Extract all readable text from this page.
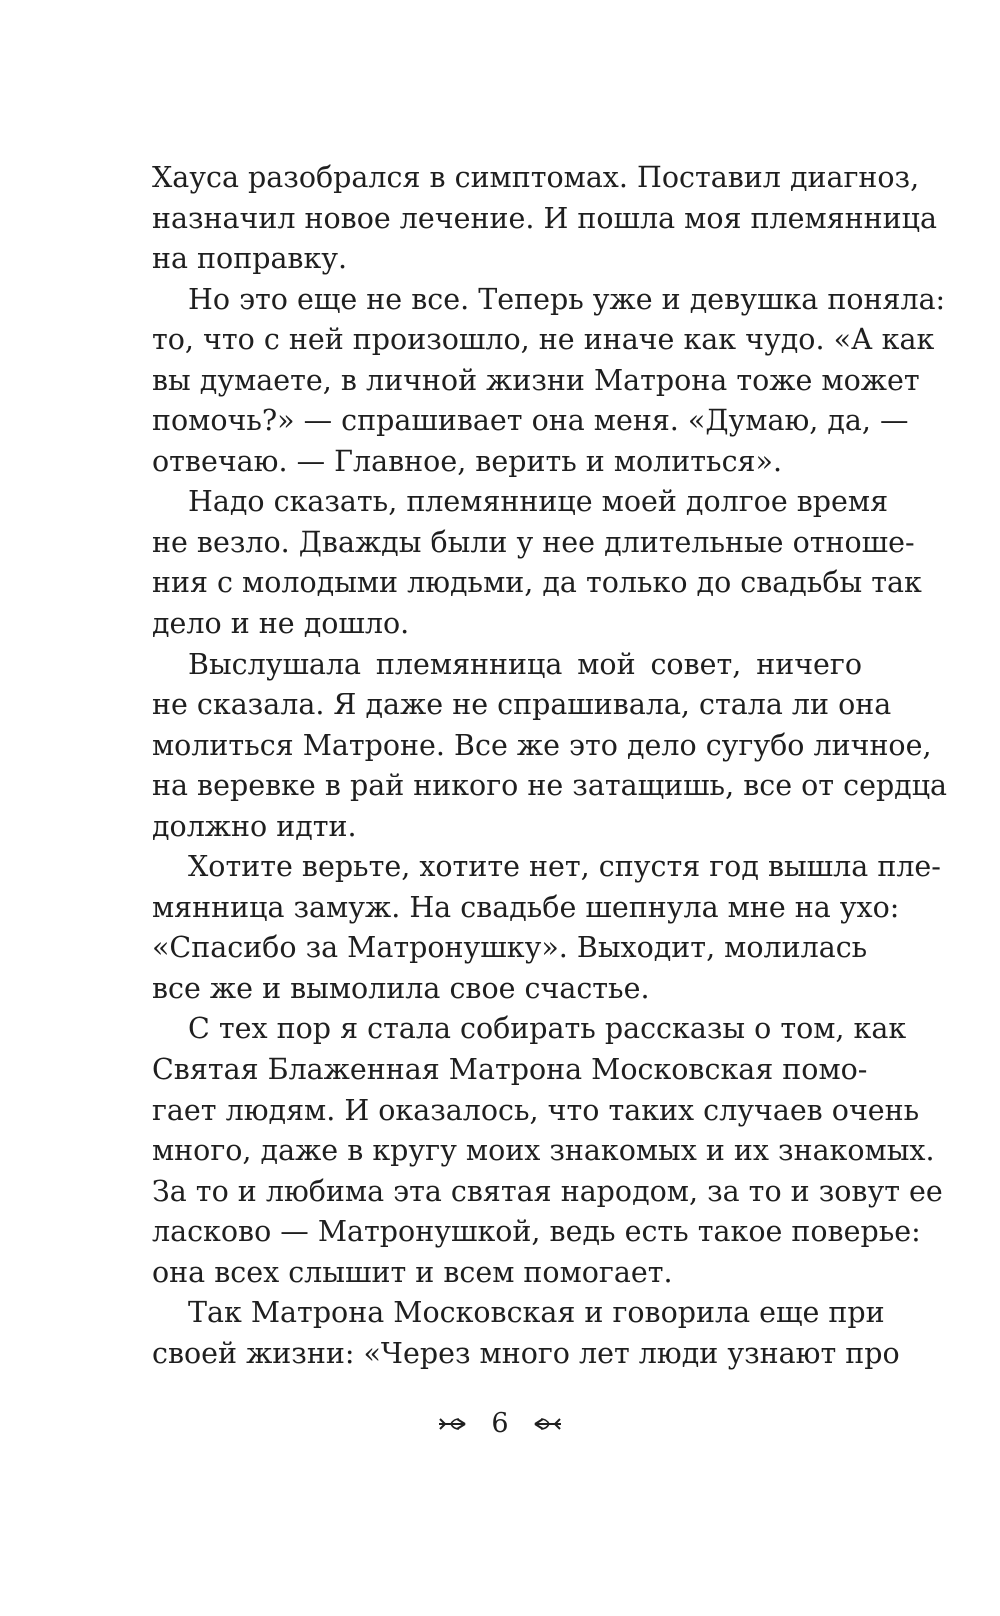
Хауса разобрался в симптомах. Поставил диагноз,
назначил новое лечение. И пошла моя племянница
на поправку.
Но это еще не все. Теперь уже и девушка поняла:
то, что с ней произошло, не иначе как чудо. «А как
вы думаете, в личной жизни Матрона тоже может
помочь?» — спрашивает она меня. «Думаю, да, —
отвечаю. — Главное, верить и молиться».
Надо сказать, племяннице моей долгое время
не везло. Дважды были у нее длительные отноше-
ния с молодыми людьми, да только до свадьбы так
дело и не дошло.
Выслушала племянница мой совет, ничего
не сказала. Я даже не спрашивала, стала ли она
молиться Матроне. Все же это дело сугубо личное,
на веревке в рай никого не затащишь, все от сердца
должно идти.
Хотите верьте, хотите нет, спустя год вышла пле-
мянница замуж. На свадьбе шепнула мне на ухо:
«Спасибо за Матронушку». Выходит, молилась
все же и вымолила свое счастье.
С тех пор я стала собирать рассказы о том, как
Святая Блаженная Матрона Московская помо-
гает людям. И оказалось, что таких случаев очень
много, даже в кругу моих знакомых и их знакомых.
За то и любима эта святая народом, за то и зовут ее
ласково — Матронушкой, ведь есть такое поверье:
она всех слышит и всем помогает.
Так Матрона Московская и говорила еще при
своей жизни: «Через много лет люди узнают про
6
